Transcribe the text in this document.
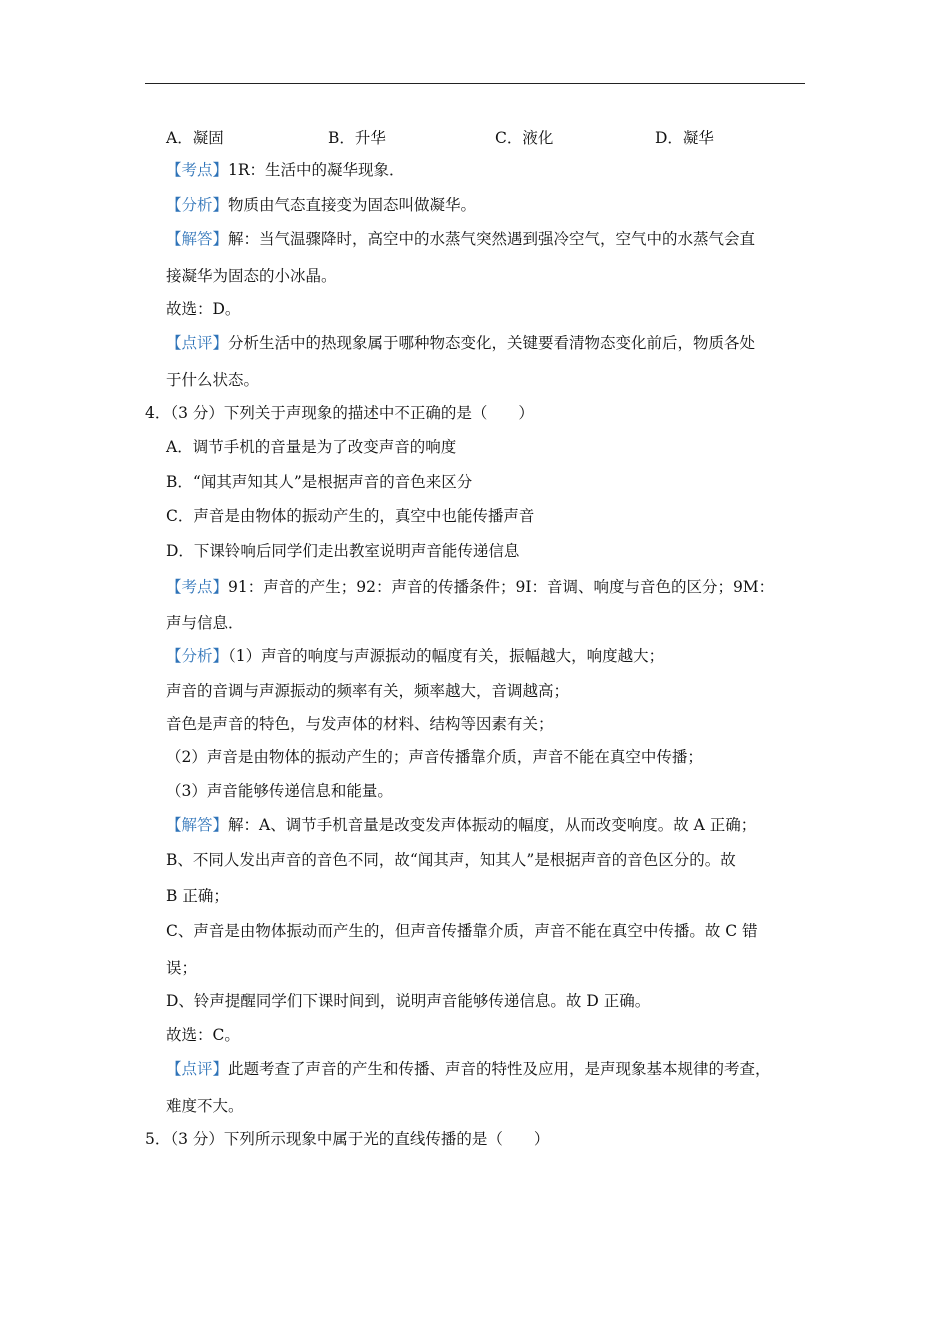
A．凝固	B．升华	C．液化	D．凝华
【考点】1R：生活中的凝华现象．
【分析】物质由气态直接变为固态叫做凝华。
【解答】解：当气温骤降时，高空中的水蒸气突然遇到强冷空气，空气中的水蒸气会直
接凝华为固态的小冰晶。
故选：D。
【点评】分析生活中的热现象属于哪种物态变化，关键要看清物态变化前后，物质各处
于什么状态。
4．（3 分）下列关于声现象的描述中不正确的是（　　）
A．调节手机的音量是为了改变声音的响度
B．“闻其声知其人”是根据声音的音色来区分
C．声音是由物体的振动产生的，真空中也能传播声音
D．下课铃响后同学们走出教室说明声音能传递信息
【考点】91：声音的产生；92：声音的传播条件；9I：音调、响度与音色的区分；9M：
声与信息．
【分析】（1）声音的响度与声源振动的幅度有关，振幅越大，响度越大；
声音的音调与声源振动的频率有关，频率越大，音调越高；
音色是声音的特色，与发声体的材料、结构等因素有关；
（2）声音是由物体的振动产生的；声音传播靠介质，声音不能在真空中传播；
（3）声音能够传递信息和能量。
【解答】解：A、调节手机音量是改变发声体振动的幅度，从而改变响度。故 A 正确；
B、不同人发出声音的音色不同，故“闻其声，知其人”是根据声音的音色区分的。故
B 正确；
C、声音是由物体振动而产生的，但声音传播靠介质，声音不能在真空中传播。故 C 错
误；
D、铃声提醒同学们下课时间到，说明声音能够传递信息。故 D 正确。
故选：C。
【点评】此题考查了声音的产生和传播、声音的特性及应用，是声现象基本规律的考查，
难度不大。
5．（3 分）下列所示现象中属于光的直线传播的是（　　）
